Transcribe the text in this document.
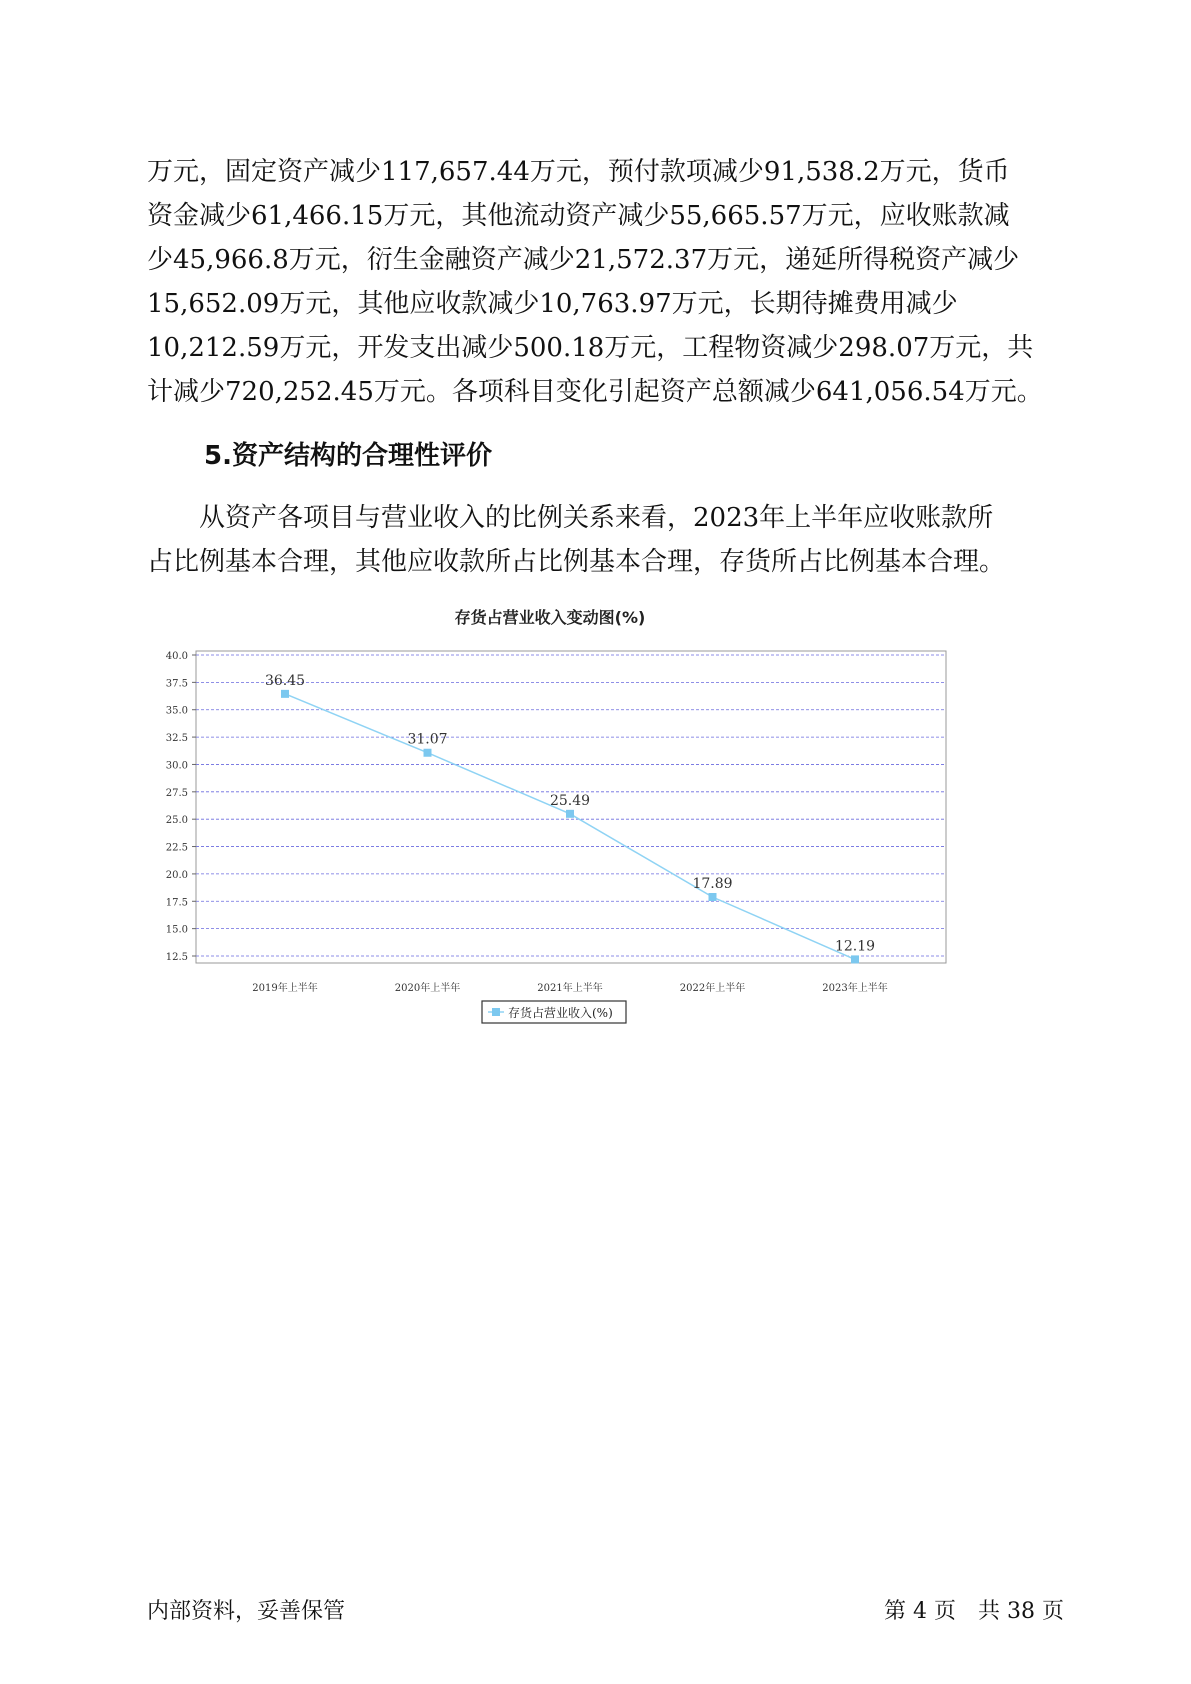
万元，固定资产减少117,657.44万元，预付款项减少91,538.2万元，货币
资金减少61,466.15万元，其他流动资产减少55,665.57万元，应收账款减
少45,966.8万元，衍生金融资产减少21,572.37万元，递延所得税资产减少
15,652.09万元，其他应收款减少10,763.97万元，长期待摊费用减少
10,212.59万元，开发支出减少500.18万元，工程物资减少298.07万元，共
计减少720,252.45万元。各项科目变化引起资产总额减少641,056.54万元。
5.资产结构的合理性评价
　　从资产各项目与营业收入的比例关系来看，2023年上半年应收账款所
占比例基本合理，其他应收款所占比例基本合理，存货所占比例基本合理。
存货占营业收入变动图(%)
40.0
37.5
35.0
32.5
30.0
27.5
25.0
22.5
20.0
17.5
15.0
12.5
2019年上半年	2020年上半年	2021年上半年	2022年上半年	2023年上半年
36.45
31.07
25.49
17.89
12.19
存货占营业收入(%)
内部资料，妥善保管	第 4 页　共 38 页
